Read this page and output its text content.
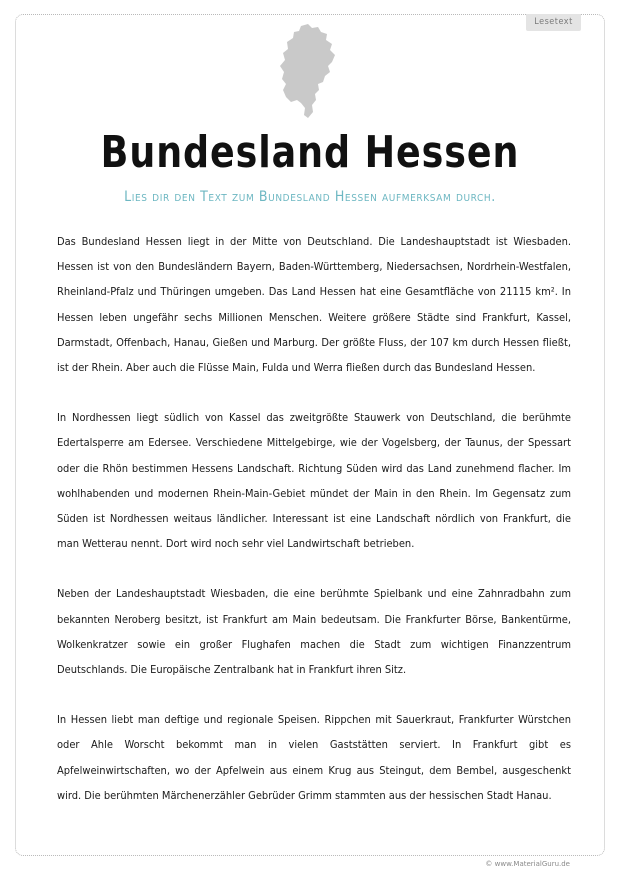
Lesetext
Bundesland Hessen
Lies dir den Text zum Bundesland Hessen aufmerksam durch.

Das Bundesland Hessen liegt in der Mitte von Deutschland. Die Landeshauptstadt ist Wiesbaden. Hessen ist von den Bundesländern Bayern, Baden-Württemberg, Niedersachsen, Nordrhein-Westfalen, Rheinland-Pfalz und Thüringen umgeben. Das Land Hessen hat eine Gesamtfläche von 21115 km². In Hessen leben ungefähr sechs Millionen Menschen. Weitere größere Städte sind Frankfurt, Kassel, Darmstadt, Offenbach, Hanau, Gießen und Marburg. Der größte Fluss, der 107 km durch Hessen fließt, ist der Rhein. Aber auch die Flüsse Main, Fulda und Werra fließen durch das Bundesland Hessen.

In Nordhessen liegt südlich von Kassel das zweitgrößte Stauwerk von Deutschland, die berühmte Edertalsperre am Edersee. Verschiedene Mittelgebirge, wie der Vogelsberg, der Taunus, der Spessart oder die Rhön bestimmen Hessens Landschaft. Richtung Süden wird das Land zunehmend flacher. Im wohlhabenden und modernen Rhein-Main-Gebiet mündet der Main in den Rhein. Im Gegensatz zum Süden ist Nordhessen weitaus ländlicher. Interessant ist eine Landschaft nördlich von Frankfurt, die man Wetterau nennt. Dort wird noch sehr viel Landwirtschaft betrieben.

Neben der Landeshauptstadt Wiesbaden, die eine berühmte Spielbank und eine Zahnradbahn zum bekannten Neroberg besitzt, ist Frankfurt am Main bedeutsam. Die Frankfurter Börse, Bankentürme, Wolkenkratzer sowie ein großer Flughafen machen die Stadt zum wichtigen Finanzzentrum Deutschlands. Die Europäische Zentralbank hat in Frankfurt ihren Sitz.

In Hessen liebt man deftige und regionale Speisen. Rippchen mit Sauerkraut, Frankfurter Würstchen oder Ahle Worscht bekommt man in vielen Gaststätten serviert. In Frankfurt gibt es Apfelweinwirtschaften, wo der Apfelwein aus einem Krug aus Steingut, dem Bembel, ausgeschenkt wird. Die berühmten Märchenerzähler Gebrüder Grimm stammten aus der hessischen Stadt Hanau.

© www.MaterialGuru.de
